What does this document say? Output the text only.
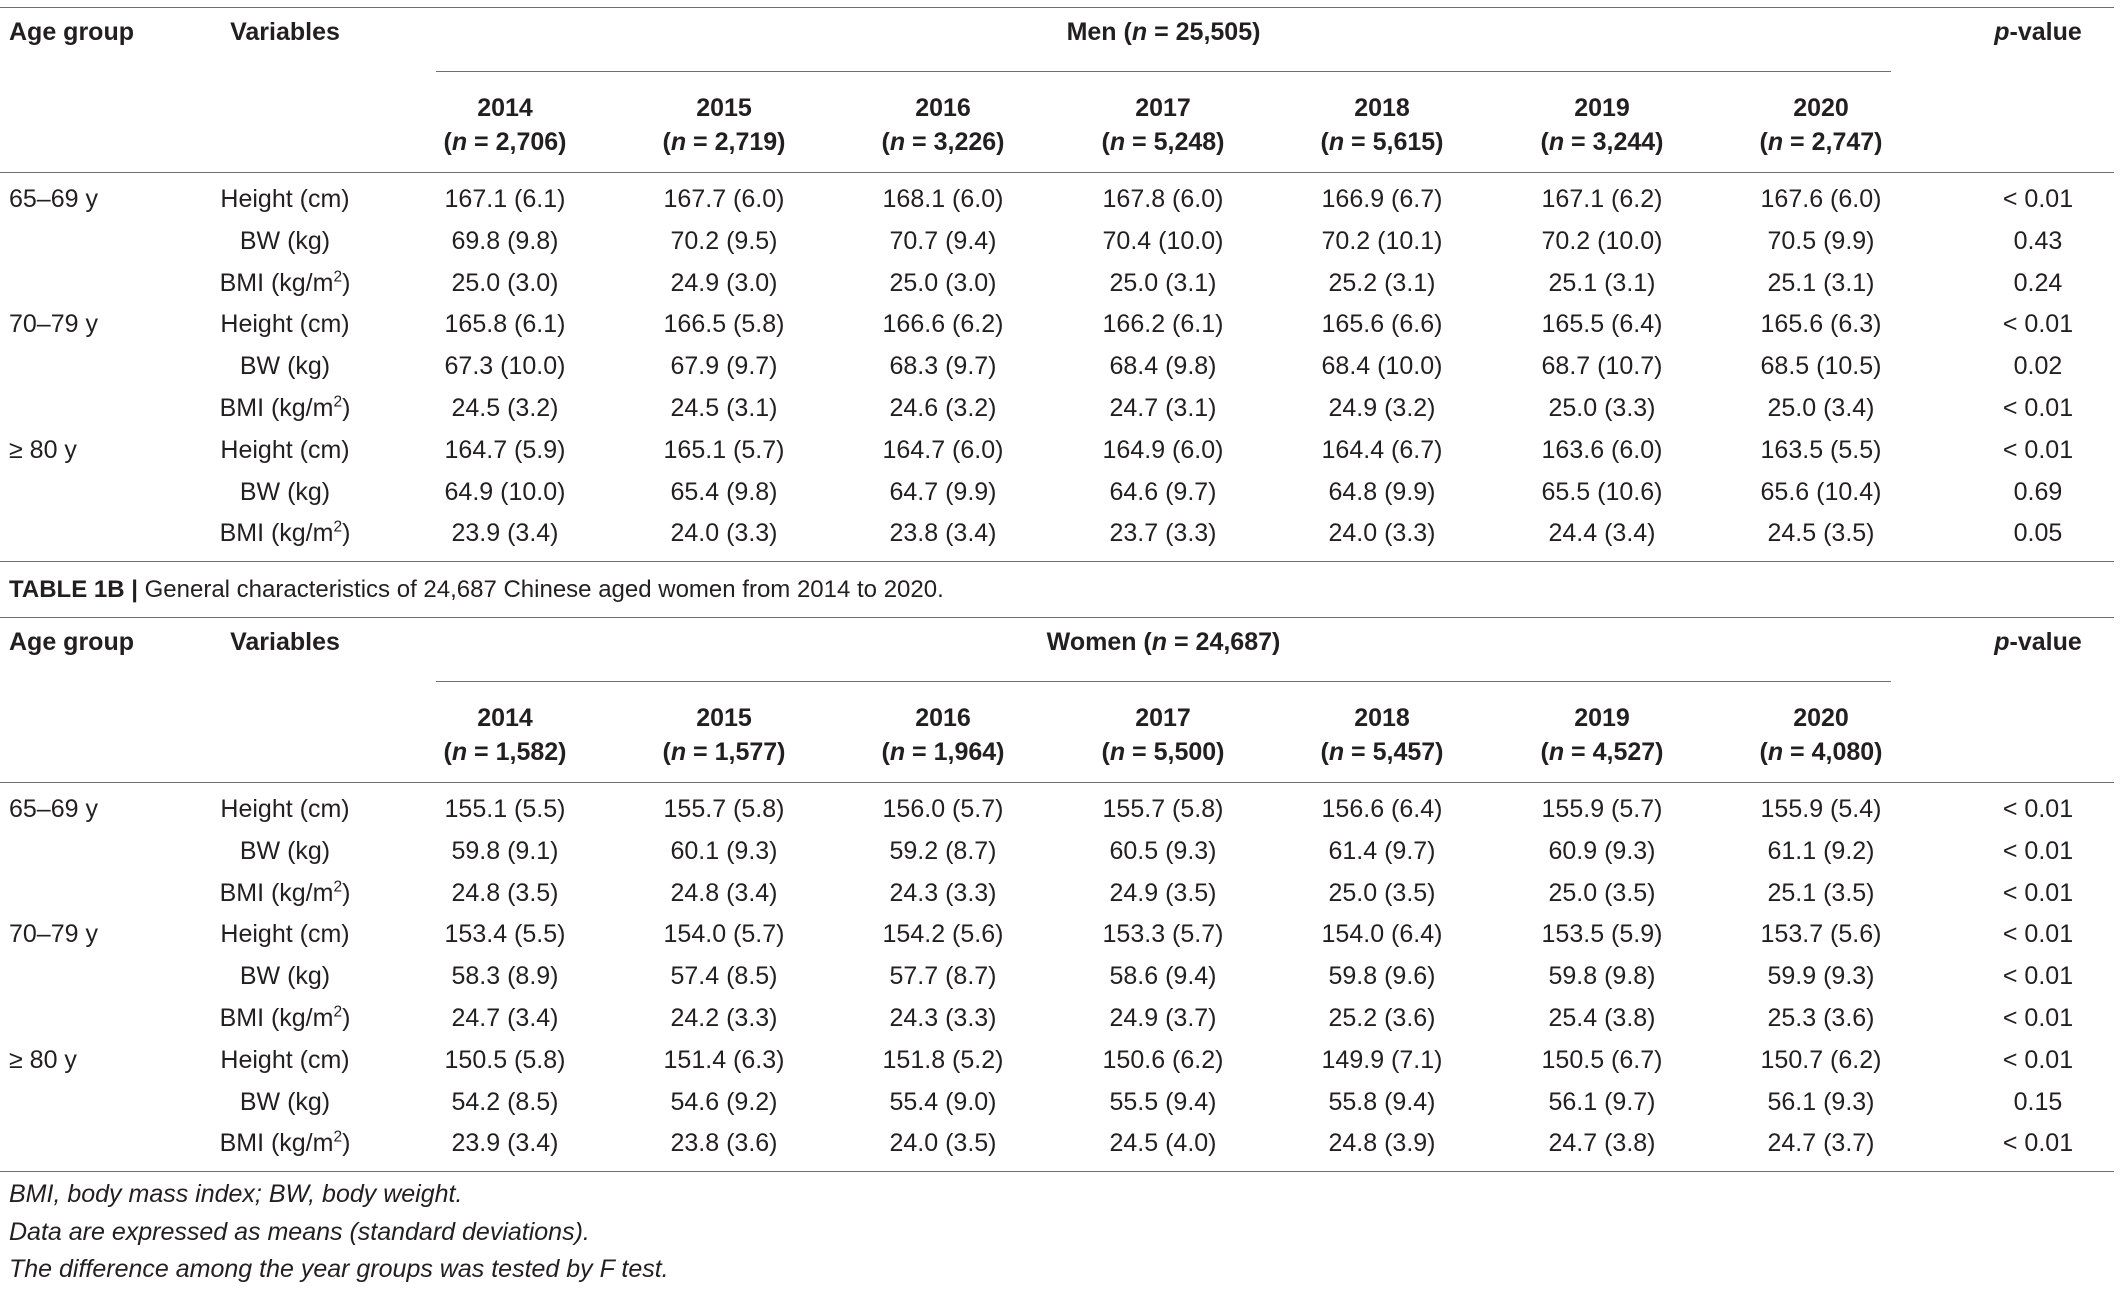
Age group	Variables	Men (n = 25,505)	p-value
2014	2015	2016	2017	2018	2019	2020
(n = 2,706)	(n = 2,719)	(n = 3,226)	(n = 5,248)	(n = 5,615)	(n = 3,244)	(n = 2,747)
65–69 y	Height (cm)	167.1 (6.1)	167.7 (6.0)	168.1 (6.0)	167.8 (6.0)	166.9 (6.7)	167.1 (6.2)	167.6 (6.0)	< 0.01
BW (kg)	69.8 (9.8)	70.2 (9.5)	70.7 (9.4)	70.4 (10.0)	70.2 (10.1)	70.2 (10.0)	70.5 (9.9)	0.43
BMI $(kg/m^2)$	25.0 (3.0)	24.9 (3.0)	25.0 (3.0)	25.0 (3.1)	25.2 (3.1)	25.1 (3.1)	25.1 (3.1)	0.24
70–79 y	Height (cm)	165.8 (6.1)	166.5 (5.8)	166.6 (6.2)	166.2 (6.1)	165.6 (6.6)	165.5 (6.4)	165.6 (6.3)	< 0.01
BW (kg)	67.3 (10.0)	67.9 (9.7)	68.3 (9.7)	68.4 (9.8)	68.4 (10.0)	68.7 (10.7)	68.5 (10.5)	0.02
BMI $(kg/m^2)$	24.5 (3.2)	24.5 (3.1)	24.6 (3.2)	24.7 (3.1)	24.9 (3.2)	25.0 (3.3)	25.0 (3.4)	< 0.01
≥ 80 y	Height (cm)	164.7 (5.9)	165.1 (5.7)	164.7 (6.0)	164.9 (6.0)	164.4 (6.7)	163.6 (6.0)	163.5 (5.5)	< 0.01
BW (kg)	64.9 (10.0)	65.4 (9.8)	64.7 (9.9)	64.6 (9.7)	64.8 (9.9)	65.5 (10.6)	65.6 (10.4)	0.69
BMI $(kg/m^2)$	23.9 (3.4)	24.0 (3.3)	23.8 (3.4)	23.7 (3.3)	24.0 (3.3)	24.4 (3.4)	24.5 (3.5)	0.05
TABLE 1B | General characteristics of 24,687 Chinese aged women from 2014 to 2020.
Age group	Variables	Women (n = 24,687)	p-value
2014	2015	2016	2017	2018	2019	2020
(n = 1,582)	(n = 1,577)	(n = 1,964)	(n = 5,500)	(n = 5,457)	(n = 4,527)	(n = 4,080)
65–69 y	Height (cm)	155.1 (5.5)	155.7 (5.8)	156.0 (5.7)	155.7 (5.8)	156.6 (6.4)	155.9 (5.7)	155.9 (5.4)	< 0.01
BW (kg)	59.8 (9.1)	60.1 (9.3)	59.2 (8.7)	60.5 (9.3)	61.4 (9.7)	60.9 (9.3)	61.1 (9.2)	< 0.01
BMI $(kg/m^2)$	24.8 (3.5)	24.8 (3.4)	24.3 (3.3)	24.9 (3.5)	25.0 (3.5)	25.0 (3.5)	25.1 (3.5)	< 0.01
70–79 y	Height (cm)	153.4 (5.5)	154.0 (5.7)	154.2 (5.6)	153.3 (5.7)	154.0 (6.4)	153.5 (5.9)	153.7 (5.6)	< 0.01
BW (kg)	58.3 (8.9)	57.4 (8.5)	57.7 (8.7)	58.6 (9.4)	59.8 (9.6)	59.8 (9.8)	59.9 (9.3)	< 0.01
BMI $(kg/m^2)$	24.7 (3.4)	24.2 (3.3)	24.3 (3.3)	24.9 (3.7)	25.2 (3.6)	25.4 (3.8)	25.3 (3.6)	< 0.01
≥ 80 y	Height (cm)	150.5 (5.8)	151.4 (6.3)	151.8 (5.2)	150.6 (6.2)	149.9 (7.1)	150.5 (6.7)	150.7 (6.2)	< 0.01
BW (kg)	54.2 (8.5)	54.6 (9.2)	55.4 (9.0)	55.5 (9.4)	55.8 (9.4)	56.1 (9.7)	56.1 (9.3)	0.15
BMI $(kg/m^2)$	23.9 (3.4)	23.8 (3.6)	24.0 (3.5)	24.5 (4.0)	24.8 (3.9)	24.7 (3.8)	24.7 (3.7)	< 0.01
BMI, body mass index; BW, body weight.
Data are expressed as means (standard deviations).
The difference among the year groups was tested by F test.
